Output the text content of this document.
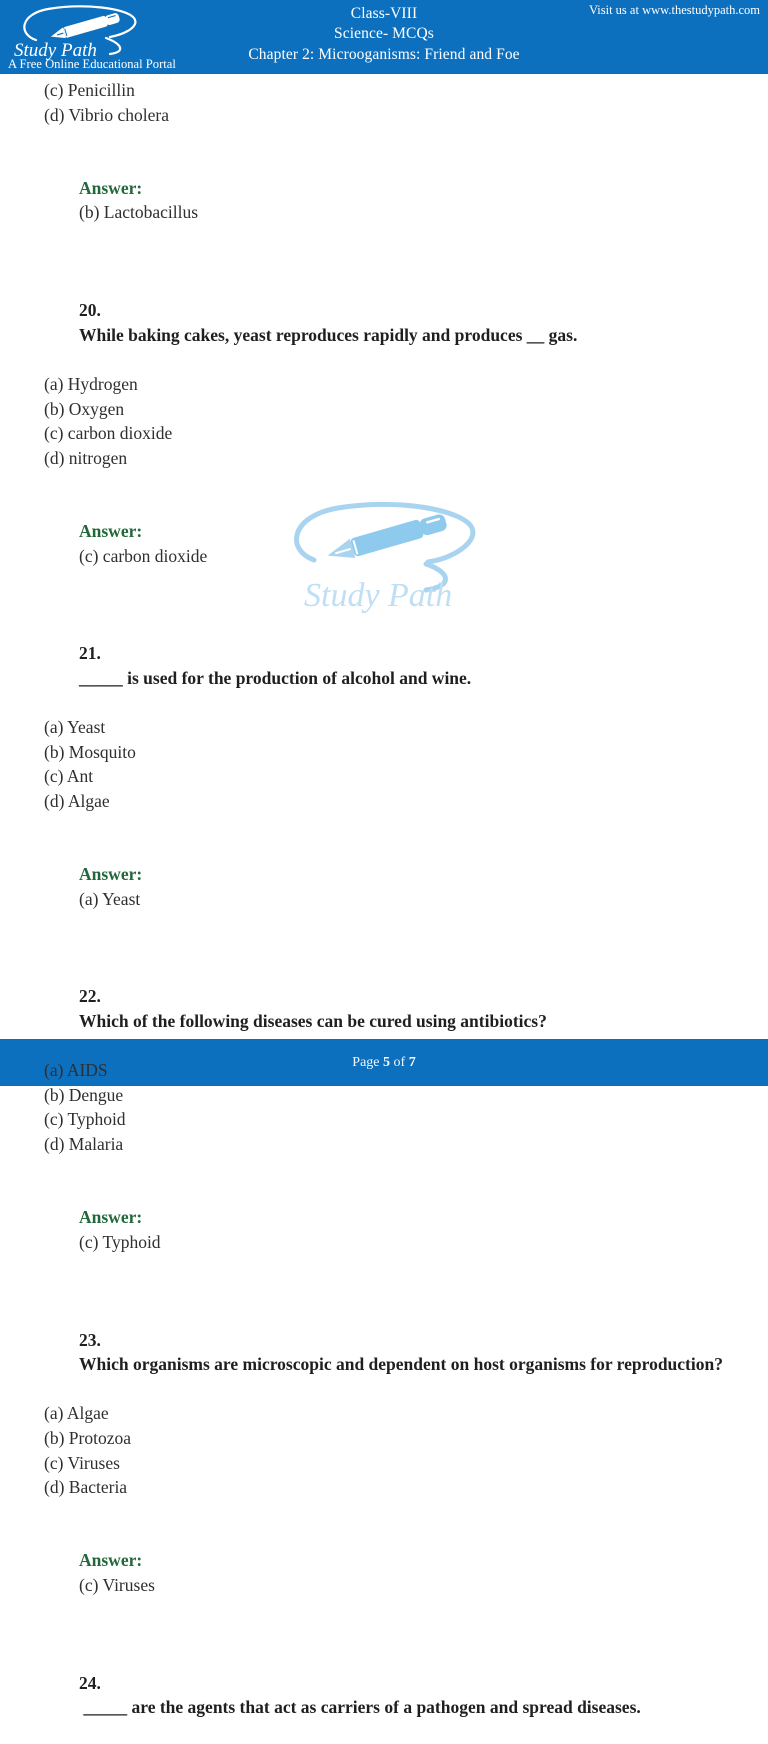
Study Path
A Free Online Educational Portal
Class-VIII
Science- MCQs
Chapter 2: Microoganisms: Friend and Foe
Visit us at www.thestudypath.com
Study Path
(c) Penicillin
(d) Vibrio cholera

Answer:
(b) Lactobacillus

20.
While baking cakes, yeast reproduces rapidly and produces __ gas.

(a) Hydrogen
(b) Oxygen
(c) carbon dioxide
(d) nitrogen

Answer:
(c) carbon dioxide

21.
_____ is used for the production of alcohol and wine.

(a) Yeast
(b) Mosquito
(c) Ant
(d) Algae

Answer:
(a) Yeast

22.
Which of the following diseases can be cured using antibiotics?

(a) AIDS
(b) Dengue
(c) Typhoid
(d) Malaria

Answer:
(c) Typhoid

23.
Which organisms are microscopic and dependent on host organisms for reproduction?

(a) Algae
(b) Protozoa
(c) Viruses
(d) Bacteria

Answer:
(c) Viruses

24.
_____ are the agents that act as carriers of a pathogen and spread diseases.

Page 5 of 7
